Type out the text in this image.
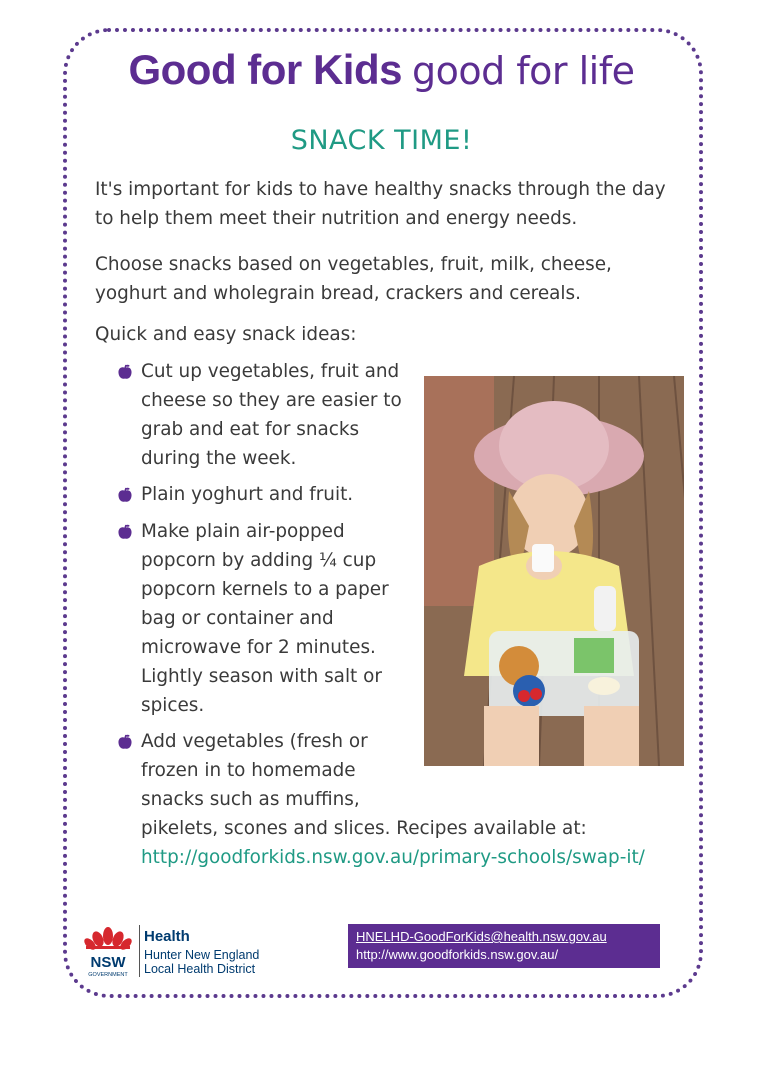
Good for Kids good for life
SNACK TIME!

It's important for kids to have healthy snacks through the day to help them meet their nutrition and energy needs.

Choose snacks based on vegetables, fruit, milk, cheese, yoghurt and wholegrain bread, crackers and cereals.

Quick and easy snack ideas:

Cut up vegetables, fruit and cheese so they are easier to grab and eat for snacks during the week.
Plain yoghurt and fruit.
Make plain air-popped popcorn by adding ¼ cup popcorn kernels to a paper bag or container and microwave for 2 minutes. Lightly season with salt or spices.
Add vegetables (fresh or
frozen in to homemade
snacks such as muffins,
pikelets, scones and slices. Recipes available at:
http://goodforkids.nsw.gov.au/primary-schools/swap-it/
NSW
GOVERNMENT
Health
Hunter New England
Local Health District
HNELHD-GoodForKids@health.nsw.gov.au
http://www.goodforkids.nsw.gov.au/
